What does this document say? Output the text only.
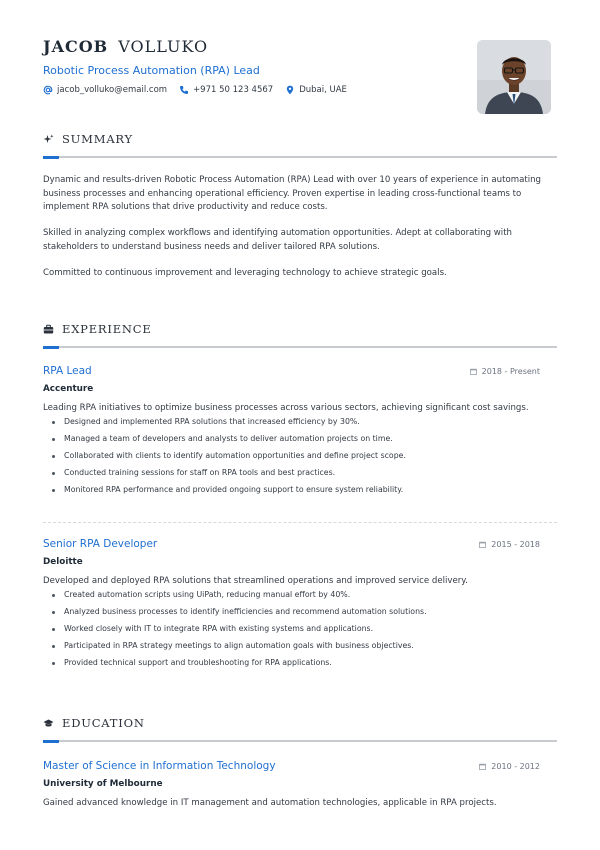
JACOB VOLLUKO
Robotic Process Automation (RPA) Lead
jacob_volluko@email.com	+971 50 123 4567	Dubai, UAE
SUMMARY

Dynamic and results-driven Robotic Process Automation (RPA) Lead with over 10 years of experience in automating business processes and enhancing operational efficiency. Proven expertise in leading cross-functional teams to implement RPA solutions that drive productivity and reduce costs.

Skilled in analyzing complex workflows and identifying automation opportunities. Adept at collaborating with stakeholders to understand business needs and deliver tailored RPA solutions.

Committed to continuous improvement and leveraging technology to achieve strategic goals.

EXPERIENCE
RPA Lead	2018 - Present
Accenture
Leading RPA initiatives to optimize business processes across various sectors, achieving significant cost savings.
Designed and implemented RPA solutions that increased efficiency by 30%.
Managed a team of developers and analysts to deliver automation projects on time.
Collaborated with clients to identify automation opportunities and define project scope.
Conducted training sessions for staff on RPA tools and best practices.
Monitored RPA performance and provided ongoing support to ensure system reliability.
Senior RPA Developer	2015 - 2018
Deloitte
Developed and deployed RPA solutions that streamlined operations and improved service delivery.
Created automation scripts using UiPath, reducing manual effort by 40%.
Analyzed business processes to identify inefficiencies and recommend automation solutions.
Worked closely with IT to integrate RPA with existing systems and applications.
Participated in RPA strategy meetings to align automation goals with business objectives.
Provided technical support and troubleshooting for RPA applications.
EDUCATION
Master of Science in Information Technology	2010 - 2012
University of Melbourne
Gained advanced knowledge in IT management and automation technologies, applicable in RPA projects.
